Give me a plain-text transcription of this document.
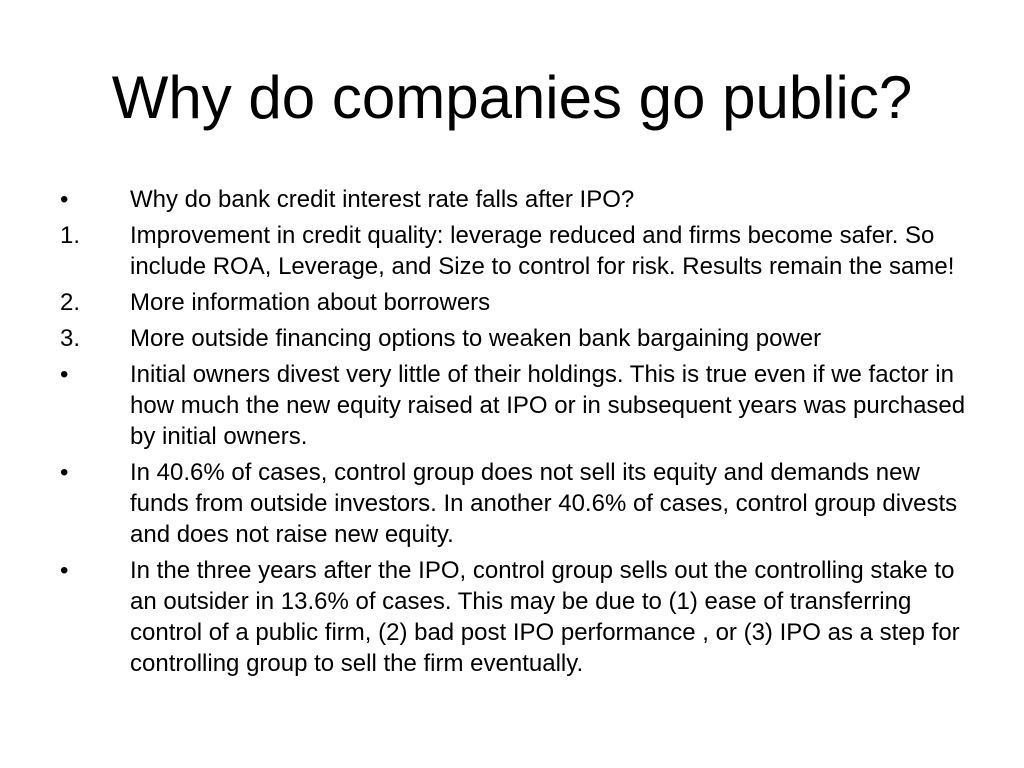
Why do companies go public?
•	Why do bank credit interest rate falls after IPO?
1.	Improvement in credit quality: leverage reduced and firms become safer. So include ROA, Leverage, and Size to control for risk. Results remain the same!
2.	More information about borrowers
3.	More outside financing options to weaken bank bargaining power
•	Initial owners divest very little of their holdings. This is true even if we factor in how much the new equity raised at IPO or in subsequent years was purchased by initial owners.
•	In 40.6% of cases, control group does not sell its equity and demands new funds from outside investors. In another 40.6% of cases, control group divests and does not raise new equity.
•	In the three years after the IPO, control group sells out the controlling stake to an outsider in 13.6% of cases. This may be due to (1) ease of transferring control of a public firm, (2) bad post IPO performance , or (3) IPO as a step for controlling group to sell the firm eventually.
